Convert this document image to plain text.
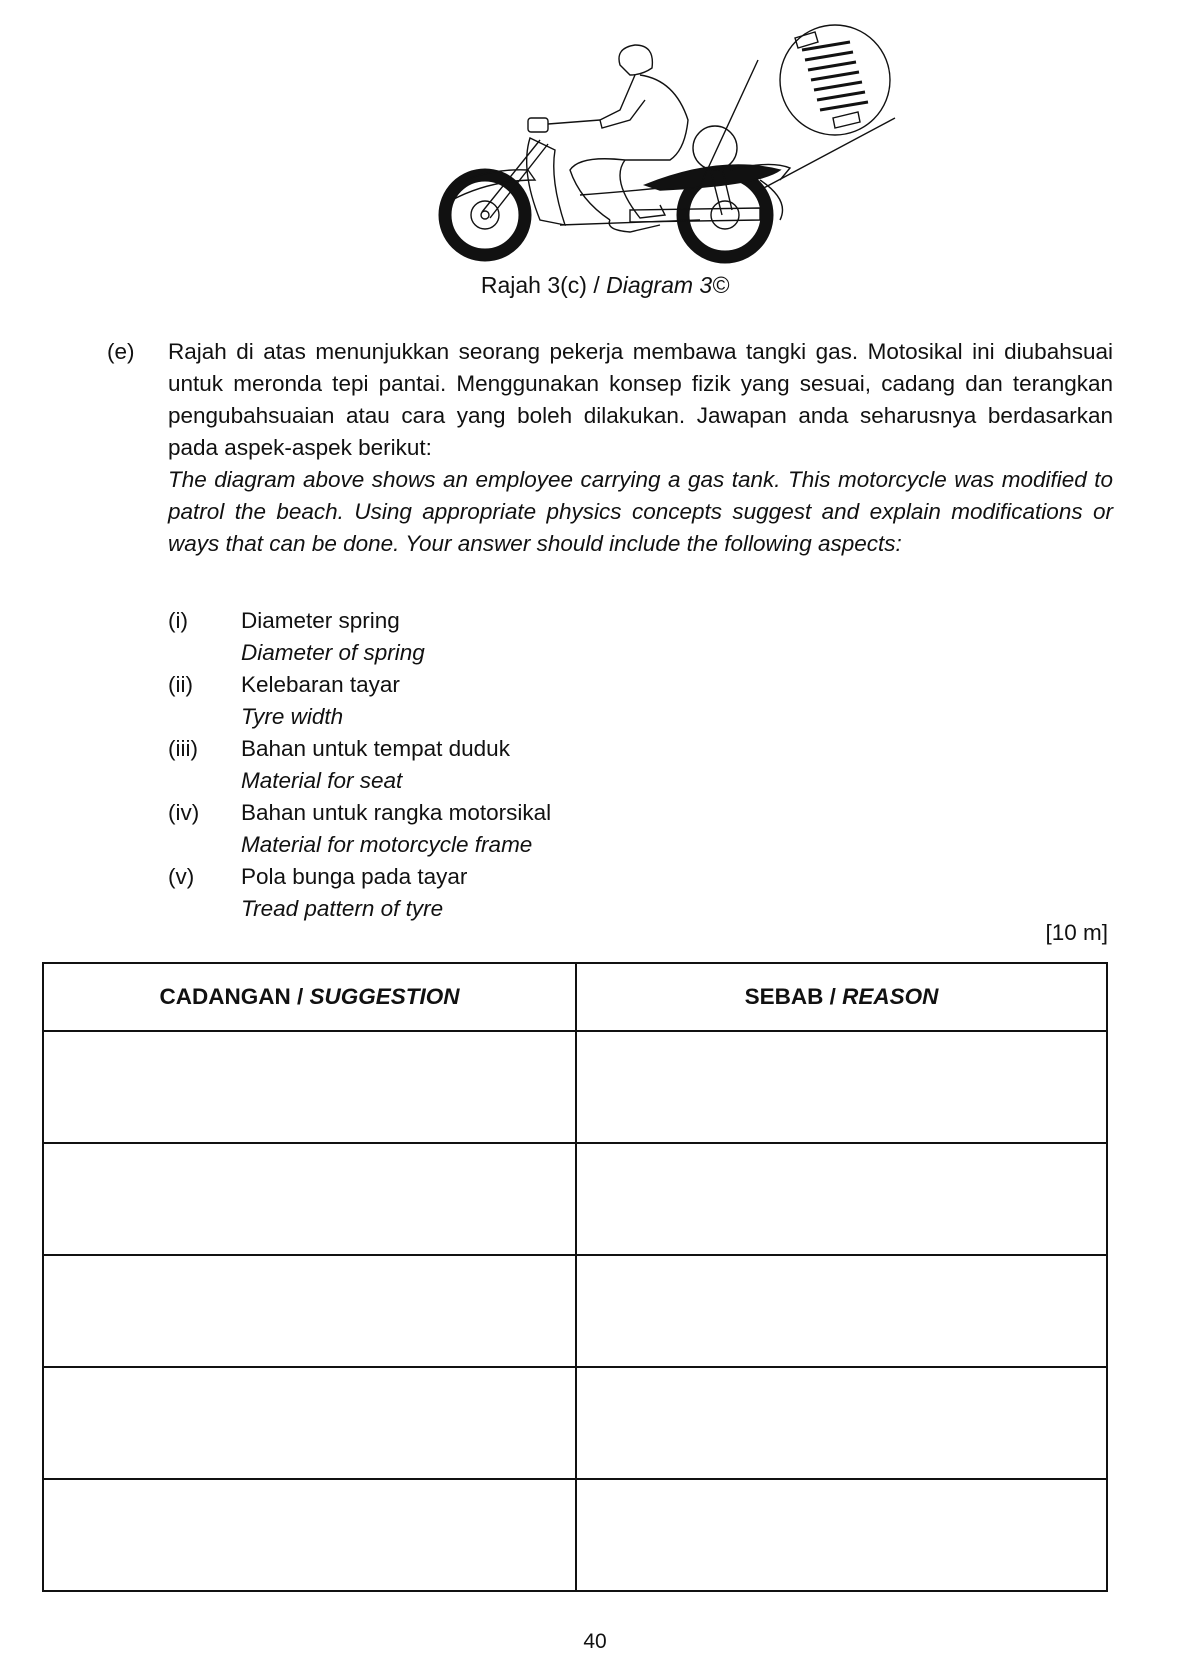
Rajah 3(c) / Diagram 3©
(e) Rajah di atas menunjukkan seorang pekerja membawa tangki gas. Motosikal ini diubahsuai untuk meronda tepi pantai. Menggunakan konsep fizik yang sesuai, cadang dan terangkan pengubahsuaian atau cara yang boleh dilakukan. Jawapan anda seharusnya berdasarkan pada aspek-aspek berikut:

The diagram above shows an employee carrying a gas tank. This motorcycle was modified to patrol the beach. Using appropriate physics concepts suggest and explain modifications or ways that can be done. Your answer should include the following aspects:

(i)	Diameter spring
Diameter of spring
(ii)	Kelebaran tayar
Tyre width
(iii)	Bahan untuk tempat duduk
Material for seat
(iv)	Bahan untuk rangka motorsikal
Material for motorcycle frame
(v)	Pola bunga pada tayar
Tread pattern of tyre
[10 m]
CADANGAN / SUGGESTION	SEBAB / REASON

40
